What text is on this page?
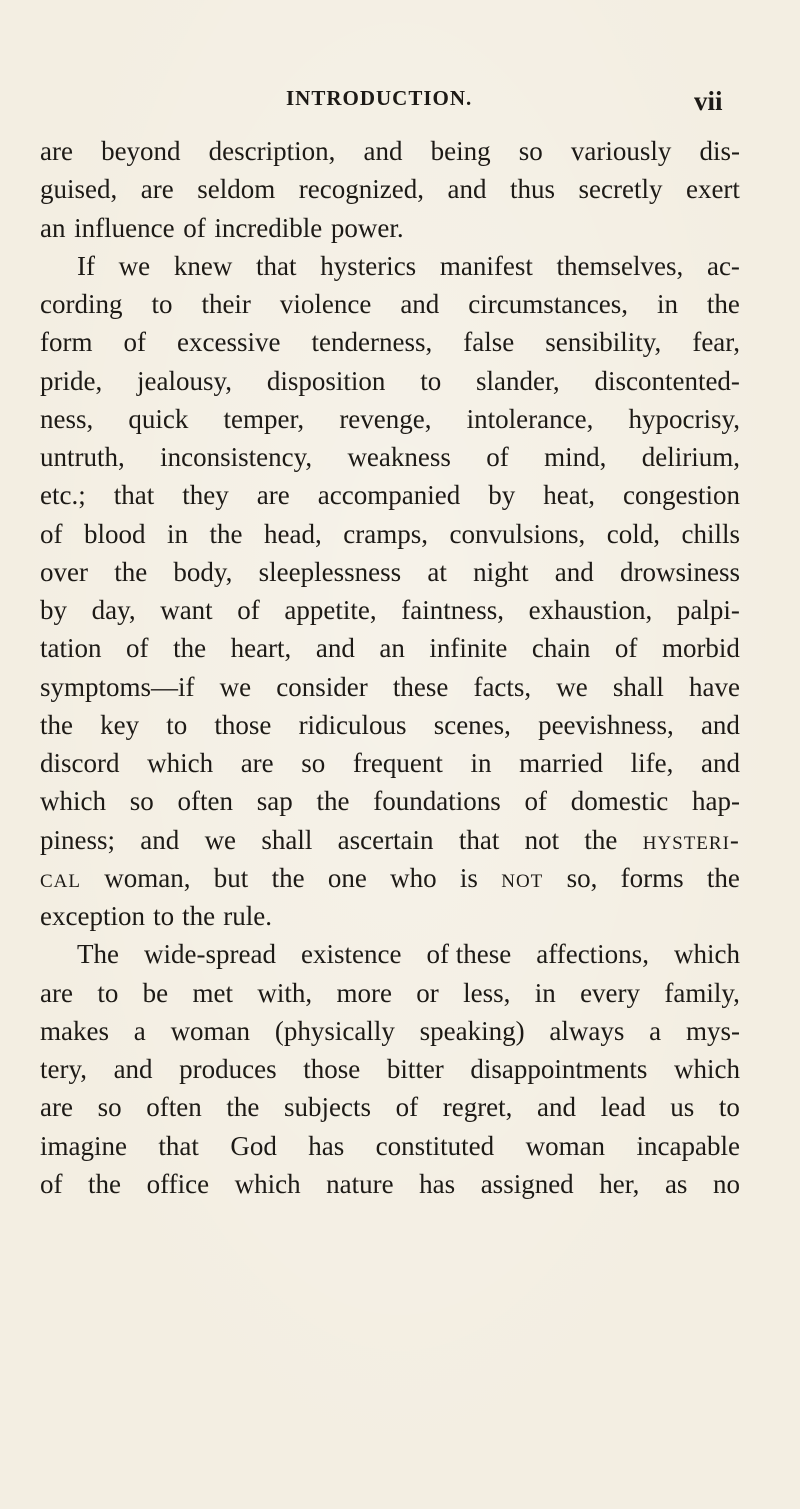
INTRODUCTION.	vii
are beyond description, and being so variously dis-
guised, are seldom recognized, and thus secretly exert
an influence of incredible power.
If we knew that hysterics manifest themselves, ac-
cording to their violence and circumstances, in the
form of excessive tenderness, false sensibility, fear,
pride, jealousy, disposition to slander, discontented-
ness, quick temper, revenge, intolerance, hypocrisy,
untruth, inconsistency, weakness of mind, delirium,
etc.; that they are accompanied by heat, congestion
of blood in the head, cramps, convulsions, cold, chills
over the body, sleeplessness at night and drowsiness
by day, want of appetite, faintness, exhaustion, palpi-
tation of the heart, and an infinite chain of morbid
symptoms—if we consider these facts, we shall have
the key to those ridiculous scenes, peevishness, and
discord which are so frequent in married life, and
which so often sap the foundations of domestic hap-
piness; and we shall ascertain that not the hysteri-
cal woman, but the one who is not so, forms the
exception to the rule.
The wide-spread existence of these affections, which
are to be met with, more or less, in every family,
makes a woman (physically speaking) always a mys-
tery, and produces those bitter disappointments which
are so often the subjects of regret, and lead us to
imagine that God has constituted woman incapable
of the office which nature has assigned her, as no
